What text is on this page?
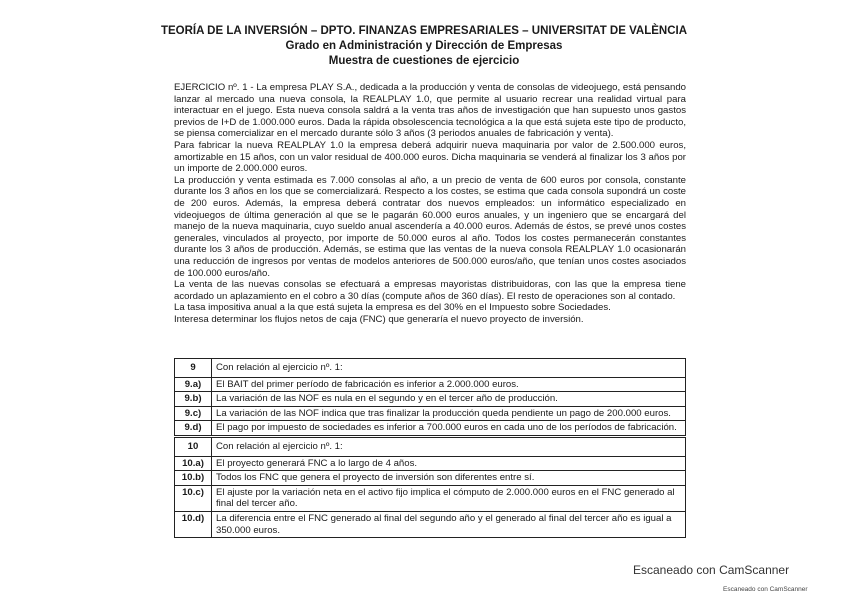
TEORÍA DE LA INVERSIÓN – DPTO. FINANZAS EMPRESARIALES – UNIVERSITAT DE VALÈNCIA
Grado en Administración y Dirección de Empresas
Muestra de cuestiones de ejercicio

EJERCICIO nº. 1 - La empresa PLAY S.A., dedicada a la producción y venta de consolas de videojuego, está pensando lanzar al mercado una nueva consola, la REALPLAY 1.0, que permite al usuario recrear una realidad virtual para interactuar en el juego. Esta nueva consola saldrá a la venta tras años de investigación que han supuesto unos gastos previos de I+D de 1.000.000 euros. Dada la rápida obsolescencia tecnológica a la que está sujeta este tipo de producto, se piensa comercializar en el mercado durante sólo 3 años (3 periodos anuales de fabricación y venta).

Para fabricar la nueva REALPLAY 1.0 la empresa deberá adquirir nueva maquinaria por valor de 2.500.000 euros, amortizable en 15 años, con un valor residual de 400.000 euros. Dicha maquinaria se venderá al finalizar los 3 años por un importe de 2.000.000 euros.

La producción y venta estimada es 7.000 consolas al año, a un precio de venta de 600 euros por consola, constante durante los 3 años en los que se comercializará. Respecto a los costes, se estima que cada consola supondrá un coste de 200 euros. Además, la empresa deberá contratar dos nuevos empleados: un informático especializado en videojuegos de última generación al que se le pagarán 60.000 euros anuales, y un ingeniero que se encargará del manejo de la nueva maquinaria, cuyo sueldo anual ascendería a 40.000 euros. Además de éstos, se prevé unos costes generales, vinculados al proyecto, por importe de 50.000 euros al año. Todos los costes permanecerán constantes durante los 3 años de producción. Además, se estima que las ventas de la nueva consola REALPLAY 1.0 ocasionarán una reducción de ingresos por ventas de modelos anteriores de 500.000 euros/año, que tenían unos costes asociados de 100.000 euros/año.

La venta de las nuevas consolas se efectuará a empresas mayoristas distribuidoras, con las que la empresa tiene acordado un aplazamiento en el cobro a 30 días (compute años de 360 días). El resto de operaciones son al contado.

La tasa impositiva anual a la que está sujeta la empresa es del 30% en el Impuesto sobre Sociedades.

Interesa determinar los flujos netos de caja (FNC) que generaría el nuevo proyecto de inversión.

9	Con relación al ejercicio nº. 1:
9.a)	El BAIT del primer período de fabricación es inferior a 2.000.000 euros.
9.b)	La variación de las NOF es nula en el segundo y en el tercer año de producción.
9.c)	La variación de las NOF indica que tras finalizar la producción queda pendiente un pago de 200.000 euros.
9.d)	El pago por impuesto de sociedades es inferior a 700.000 euros en cada uno de los períodos de fabricación.
10	Con relación al ejercicio nº. 1:
10.a)	El proyecto generará FNC a lo largo de 4 años.
10.b)	Todos los FNC que genera el proyecto de inversión son diferentes entre sí.
10.c)	El ajuste por la variación neta en el activo fijo implica el cómputo de 2.000.000 euros en el FNC generado al final del tercer año.
10.d)	La diferencia entre el FNC generado al final del segundo año y el generado al final del tercer año es igual a 350.000 euros.
Escaneado con CamScanner
Escaneado con CamScanner
